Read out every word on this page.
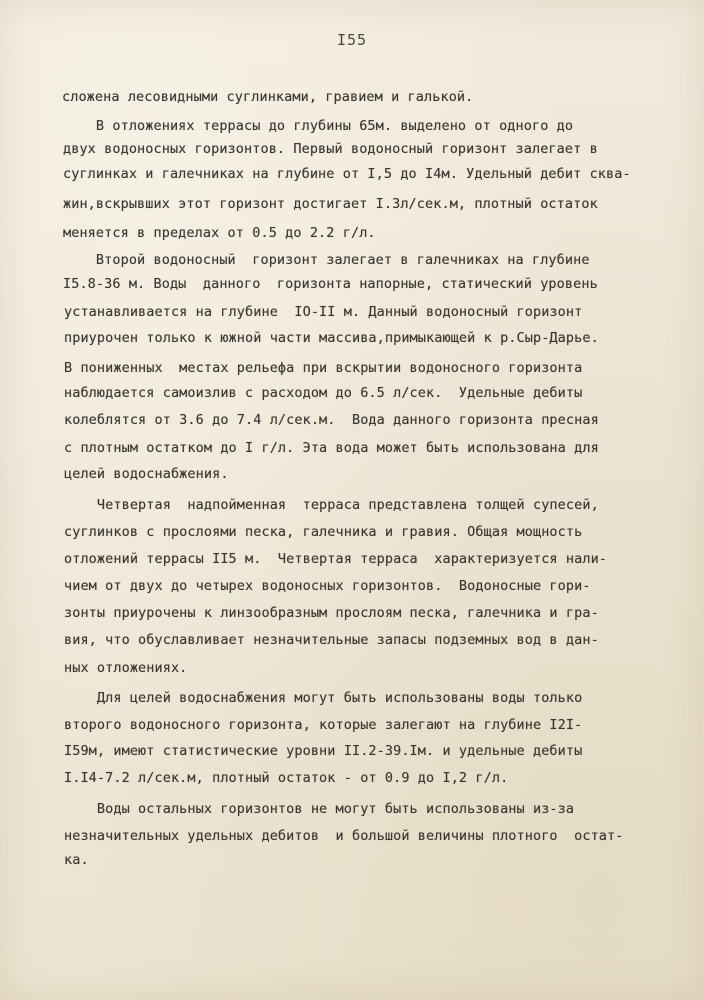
I55
сложена лесовидными суглинками, гравием и галькой.
В отложениях террасы до глубины 65м. выделено от одного до
двух водоносных горизонтов. Первый водоносный горизонт залегает в
суглинках и галечниках на глубине от I,5 до I4м. Удельный дебит сква-
жин,вскрывших этот горизонт достигает I.3л/сек.м, плотный остаток
меняется в пределах от 0.5 до 2.2 г/л.
Второй водоносный  горизонт залегает в галечниках на глубине
I5.8-36 м. Воды  данного  горизонта напорные, статический уровень
устанавливается на глубине  IO-II м. Данный водоносный горизонт
приурочен только к южной части массива,примыкающей к р.Сыр-Дарье.
В пониженных  местах рельефа при вскрытии водоносного горизонта
наблюдается самоизлив с расходом до 6.5 л/сек.  Удельные дебиты
колеблятся от 3.6 до 7.4 л/сек.м.  Вода данного горизонта пресная
с плотным остатком до I г/л. Эта вода может быть использована для
целей водоснабжения.
Четвертая  надпойменная  терраса представлена толщей супесей,
суглинков с прослоями песка, галечника и гравия. Общая мощность
отложений террасы II5 м.  Четвертая терраса  характеризуется нали-
чием от двух до четырех водоносных горизонтов.  Водоносные гори-
зонты приурочены к линзообразным прослоям песка, галечника и гра-
вия, что обуславливает незначительные запасы подземных вод в дан-
ных отложениях.
Для целей водоснабжения могут быть использованы воды только
второго водоносного горизонта, которые залегают на глубине I2I-
I59м, имеют статистические уровни II.2-39.Iм. и удельные дебиты
I.I4-7.2 л/сек.м, плотный остаток - от 0.9 до I,2 г/л.
Воды остальных горизонтов не могут быть использованы из-за
незначительных удельных дебитов  и большой величины плотного  остат-
ка.
